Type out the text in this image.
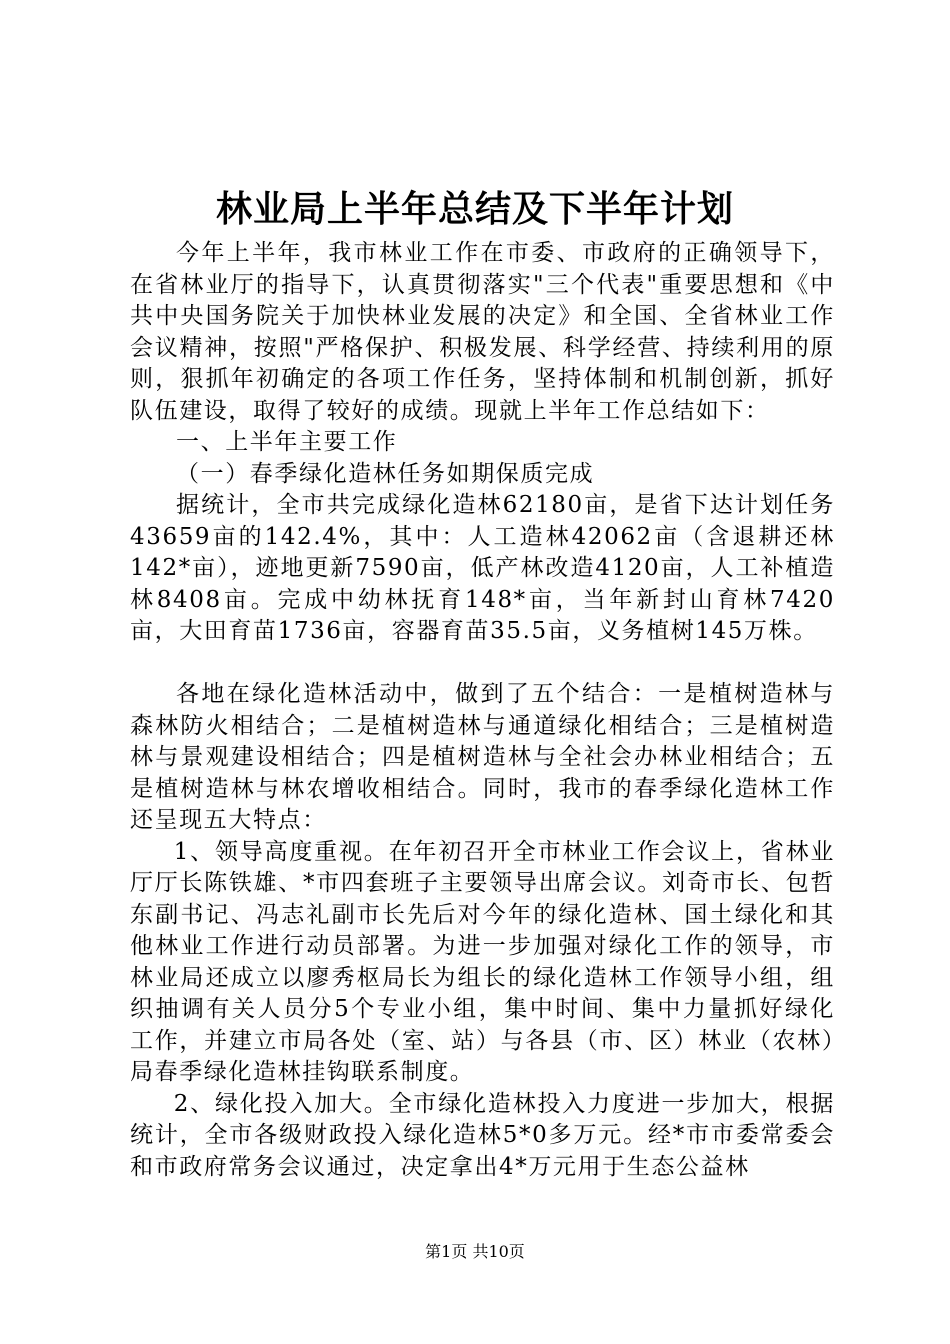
林业局上半年总结及下半年计划

今年上半年，我市林业工作在市委、市政府的正确领导下，在省林业厅的指导下，认真贯彻落实"三个代表"重要思想和《中共中央国务院关于加快林业发展的决定》和全国、全省林业工作会议精神，按照"严格保护、积极发展、科学经营、持续利用的原则，狠抓年初确定的各项工作任务，坚持体制和机制创新，抓好队伍建设，取得了较好的成绩。现就上半年工作总结如下：

一、上半年主要工作

（一）春季绿化造林任务如期保质完成

据统计，全市共完成绿化造林62180亩，是省下达计划任务43659亩的142.4%，其中：人工造林42062亩（含退耕还林142*亩），迹地更新7590亩，低产林改造4120亩，人工补植造林8408亩。完成中幼林抚育148*亩，当年新封山育林7420亩，大田育苗1736亩，容器育苗35.5亩，义务植树145万株。

各地在绿化造林活动中，做到了五个结合：一是植树造林与森林防火相结合；二是植树造林与通道绿化相结合；三是植树造林与景观建设相结合；四是植树造林与全社会办林业相结合；五是植树造林与林农增收相结合。同时，我市的春季绿化造林工作还呈现五大特点：

1、领导高度重视。在年初召开全市林业工作会议上，省林业厅厅长陈铁雄、*市四套班子主要领导出席会议。刘奇市长、包哲东副书记、冯志礼副市长先后对今年的绿化造林、国土绿化和其他林业工作进行动员部署。为进一步加强对绿化工作的领导，市林业局还成立以廖秀枢局长为组长的绿化造林工作领导小组，组织抽调有关人员分5个专业小组，集中时间、集中力量抓好绿化工作，并建立市局各处（室、站）与各县（市、区）林业（农林）局春季绿化造林挂钩联系制度。

2、绿化投入加大。全市绿化造林投入力度进一步加大，根据统计，全市各级财政投入绿化造林5*0多万元。经*市市委常委会和市政府常务会议通过，决定拿出4*万元用于生态公益林

第1页 共10页
